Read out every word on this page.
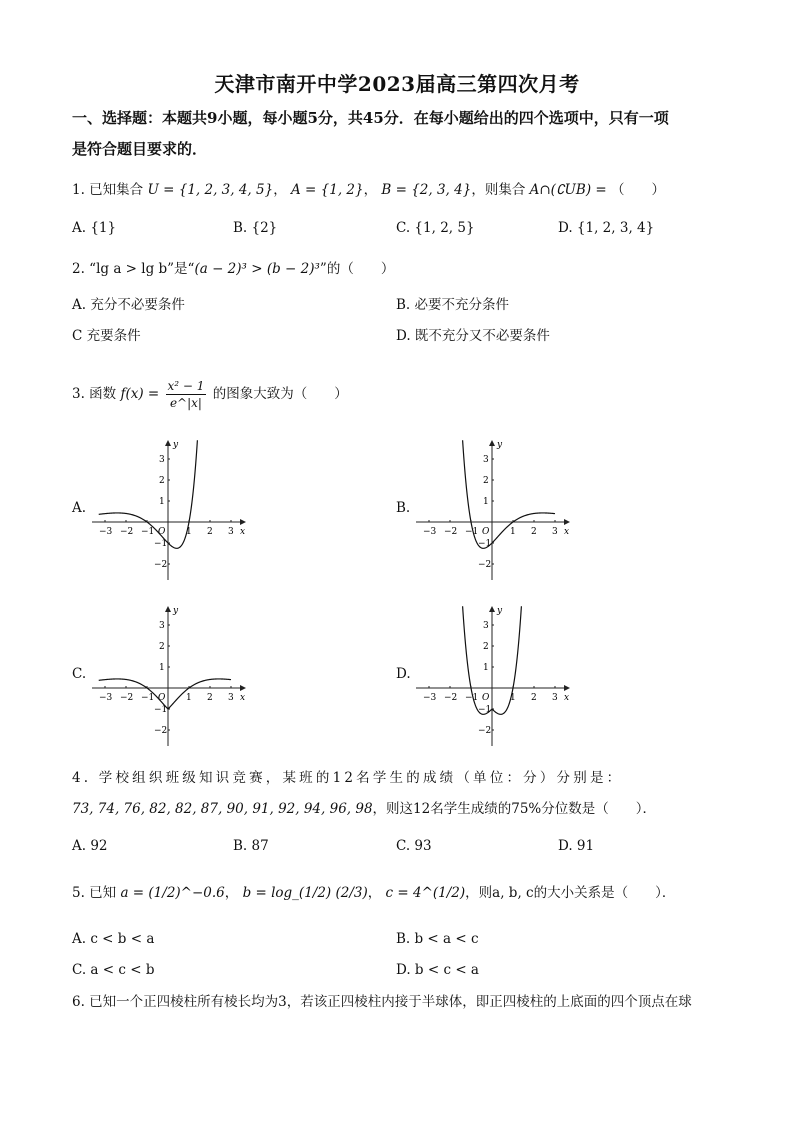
天津市南开中学2023届高三第四次月考
一、选择题：本题共9小题，每小题5分，共45分．在每小题给出的四个选项中，只有一项
是符合题目要求的．
1. 已知集合 U = {1, 2, 3, 4, 5}， A = {1, 2}， B = {2, 3, 4}，则集合 A∩(∁UB) = （　　）
A. {1}	B. {2}	C. {1, 2, 5}	D. {1, 2, 3, 4}
2. “lg a > lg b”是“(a − 2)³ > (b − 2)³”的（　　）
A. 充分不必要条件	B. 必要不充分条件
C 充要条件	D. 既不充分又不必要条件
3. 函数 $f(x) = \frac{\text{x² − 1}}{e\^{}|x|}$ 的图象大致为（　　）
A.	B.
C.	D.
x
y
O
−3 −2 −1	1 2 3
3
2
1
−1
−2
x
y
O
−3 −2 −1	1 2 3
3
2
1
−1
−2
x
y
O
−3 −2 −1	1 2 3
3
2
1
−1
−2
x
y
O
−3 −2 −1	1 2 3
3
2
1
−1
−2
4. 学校组织班级知识竞赛，某班的12名学生的成绩（单位：分）分别是：
73, 74, 76, 82, 82, 87, 90, 91, 92, 94, 96, 98，则这12名学生成绩的75%分位数是（　　）．
A. 92	B. 87	C. 93	D. 91
5. 已知 a = (1/2)^−0.6， b = log_(1/2) (2/3)， c = 4^(1/2)，则a, b, c的大小关系是（　　）．
A. c < b < a	B. b < a < c
C. a < c < b	D. b < c < a
6. 已知一个正四棱柱所有棱长均为3，若该正四棱柱内接于半球体，即正四棱柱的上底面的四个顶点在球
